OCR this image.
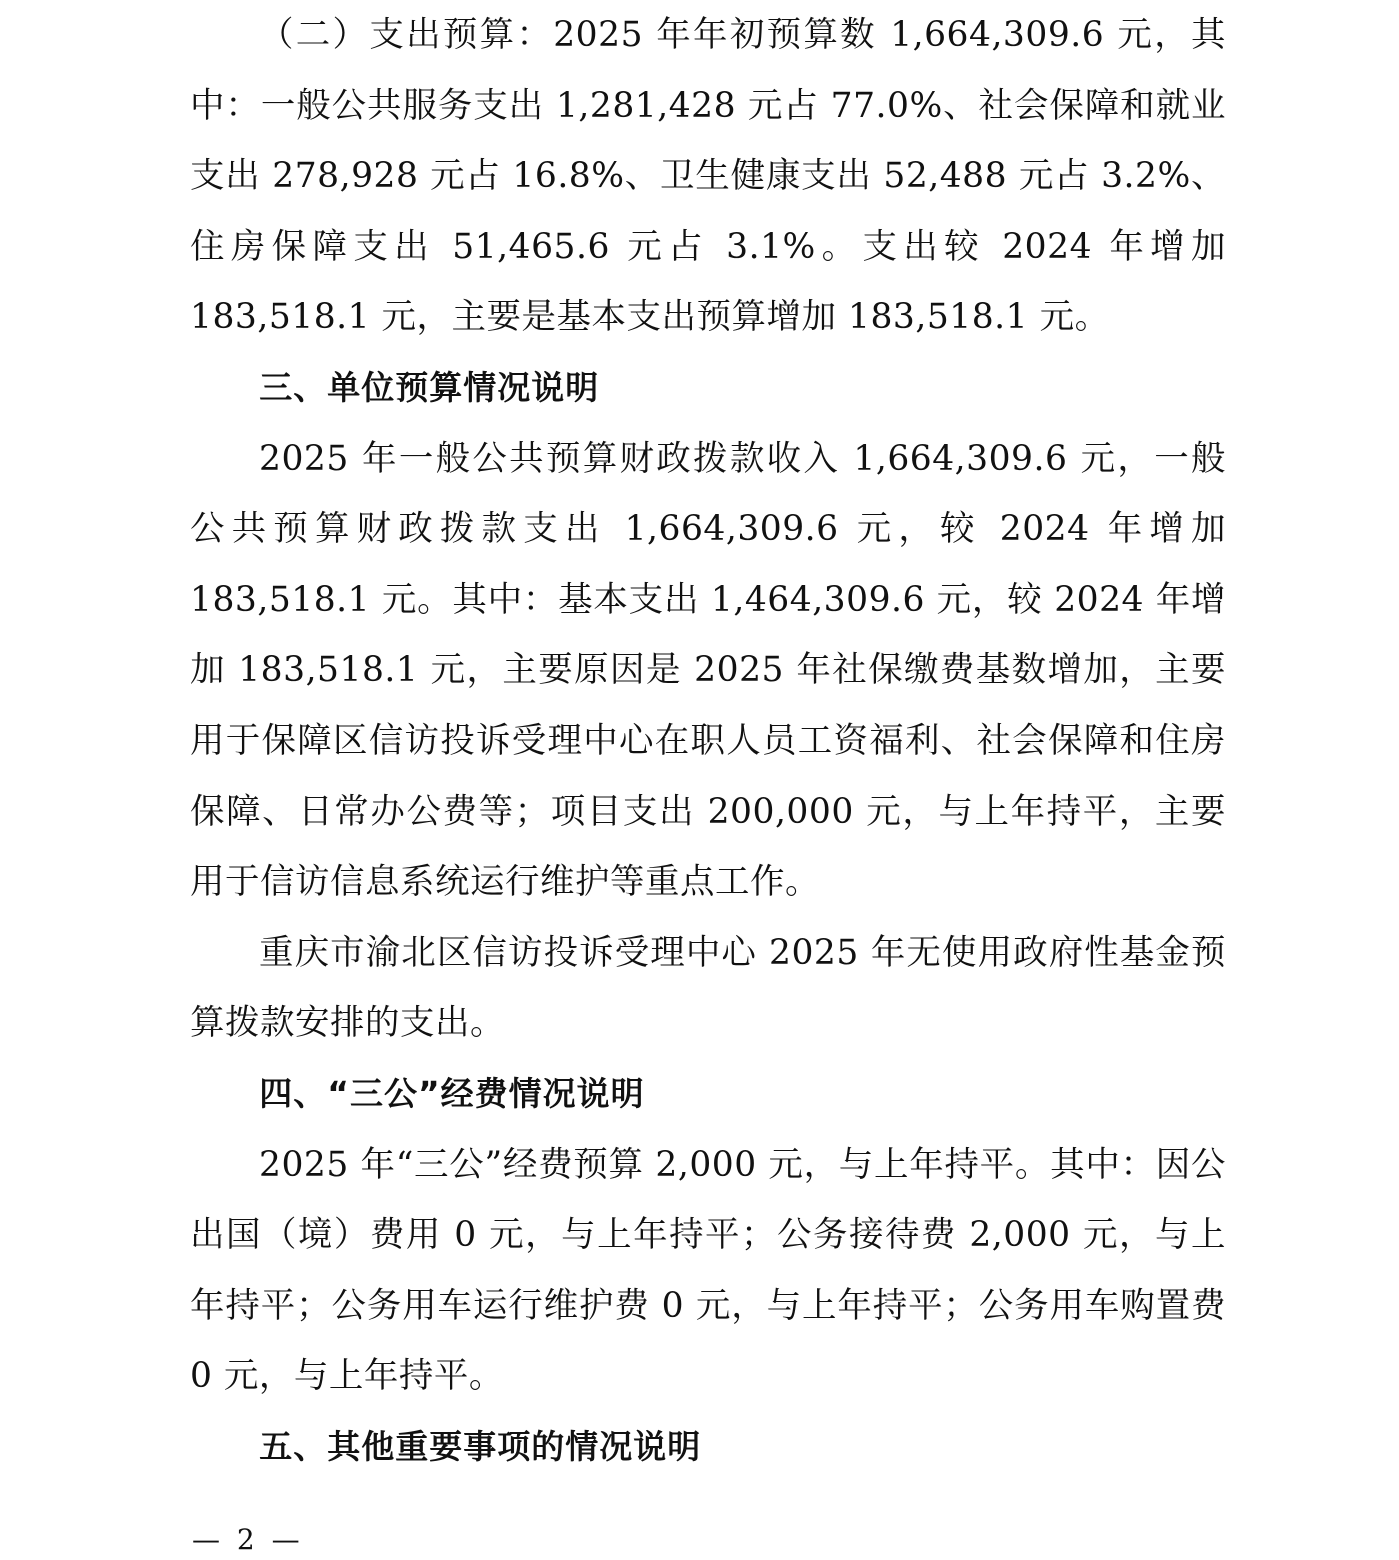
（二）支出预算：2025 年年初预算数 1,664,309.6 元，其中：一般公共服务支出 1,281,428 元占 77.0%、社会保障和就业支出 278,928 元占 16.8%、卫生健康支出 52,488 元占 3.2%、住房保障支出 51,465.6 元占 3.1%。支出较 2024 年增加 183,518.1 元，主要是基本支出预算增加 183,518.1 元。

三、单位预算情况说明

2025 年一般公共预算财政拨款收入 1,664,309.6 元，一般公共预算财政拨款支出 1,664,309.6 元，较 2024 年增加 183,518.1 元。其中：基本支出 1,464,309.6 元，较 2024 年增加 183,518.1 元，主要原因是 2025 年社保缴费基数增加，主要用于保障区信访投诉受理中心在职人员工资福利、社会保障和住房保障、日常办公费等；项目支出 200,000 元，与上年持平，主要用于信访信息系统运行维护等重点工作。

重庆市渝北区信访投诉受理中心 2025 年无使用政府性基金预算拨款安排的支出。

四、“三公”经费情况说明

2025 年“三公”经费预算 2,000 元，与上年持平。其中：因公出国（境）费用 0 元，与上年持平；公务接待费 2,000 元，与上年持平；公务用车运行维护费 0 元，与上年持平；公务用车购置费 0 元，与上年持平。

五、其他重要事项的情况说明

— 2 —
